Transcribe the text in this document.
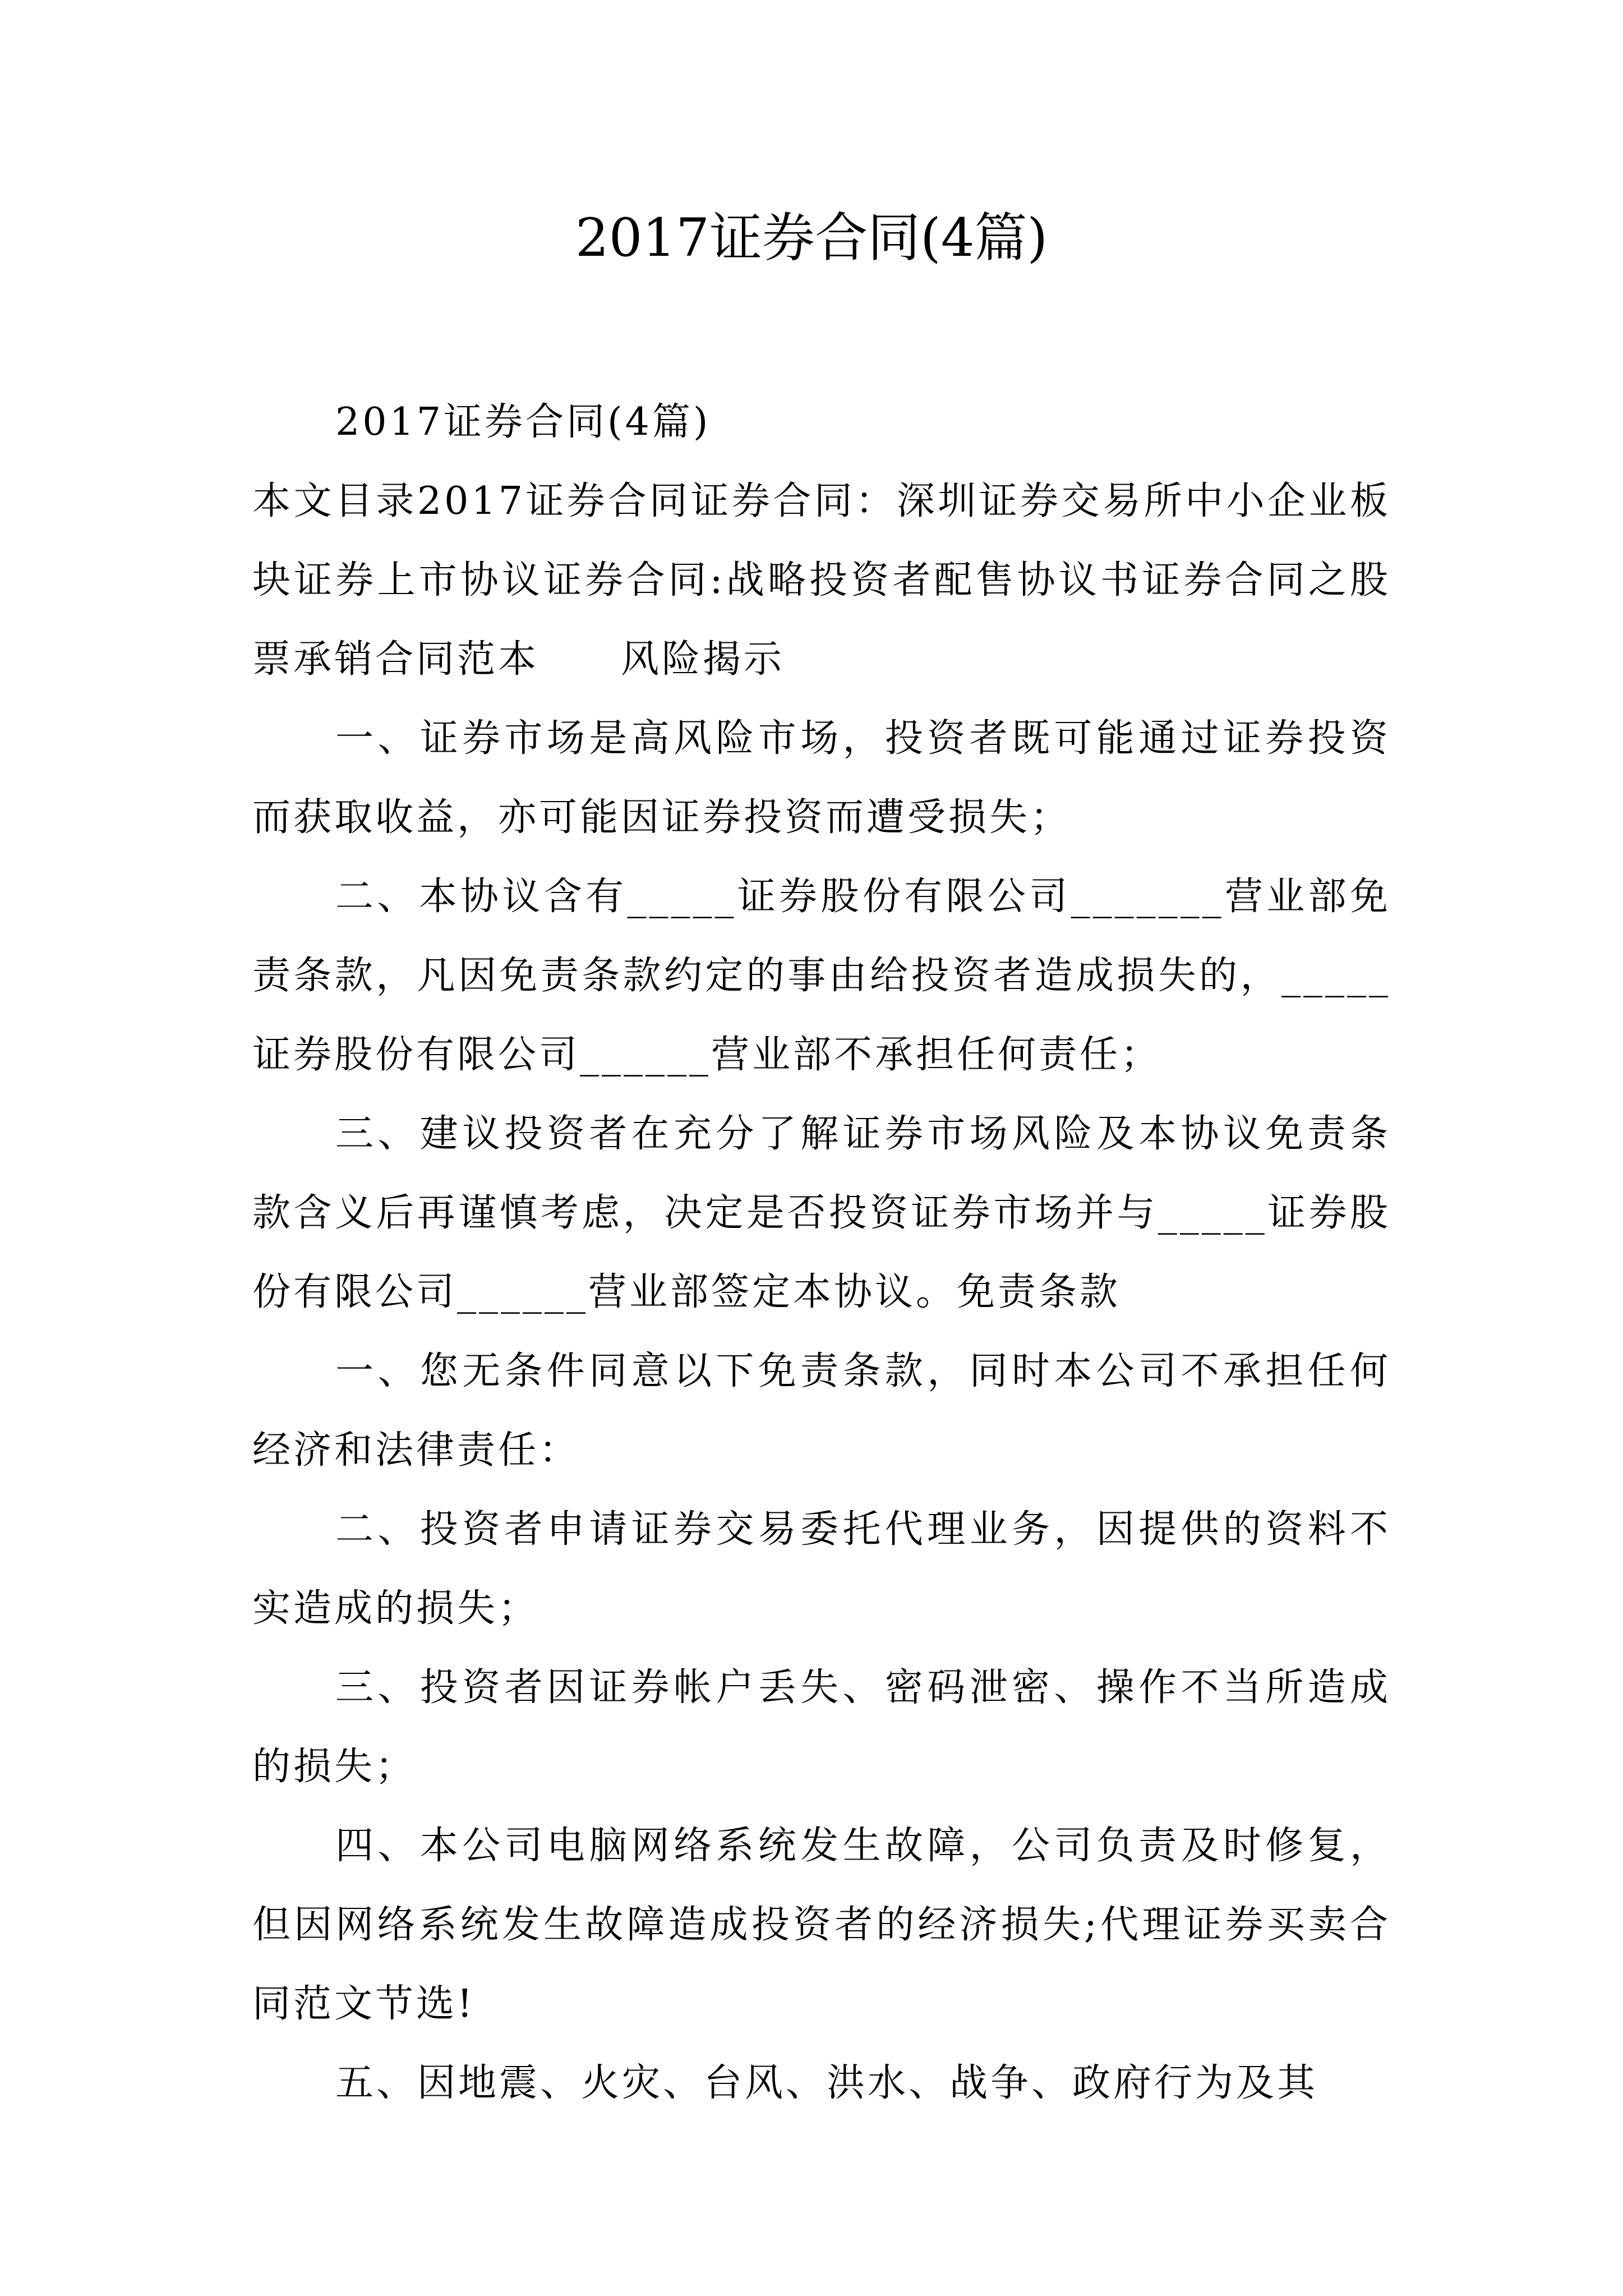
2017证券合同(4篇)

2017证券合同(4篇)

本文目录2017证券合同证券合同：深圳证券交易所中小企业板块证券上市协议证券合同:战略投资者配售协议书证券合同之股票承销合同范本　　风险揭示

一、证券市场是高风险市场，投资者既可能通过证券投资而获取收益，亦可能因证券投资而遭受损失；

二、本协议含有_____证券股份有限公司_______营业部免责条款，凡因免责条款约定的事由给投资者造成损失的，_____证券股份有限公司______营业部不承担任何责任；

三、建议投资者在充分了解证券市场风险及本协议免责条款含义后再谨慎考虑，决定是否投资证券市场并与_____证券股份有限公司______营业部签定本协议。免责条款

一、您无条件同意以下免责条款，同时本公司不承担任何经济和法律责任：

二、投资者申请证券交易委托代理业务，因提供的资料不实造成的损失；

三、投资者因证券帐户丢失、密码泄密、操作不当所造成的损失；

四、本公司电脑网络系统发生故障，公司负责及时修复，但因网络系统发生故障造成投资者的经济损失;代理证券买卖合同范文节选!

五、因地震、火灾、台风、洪水、战争、政府行为及其
